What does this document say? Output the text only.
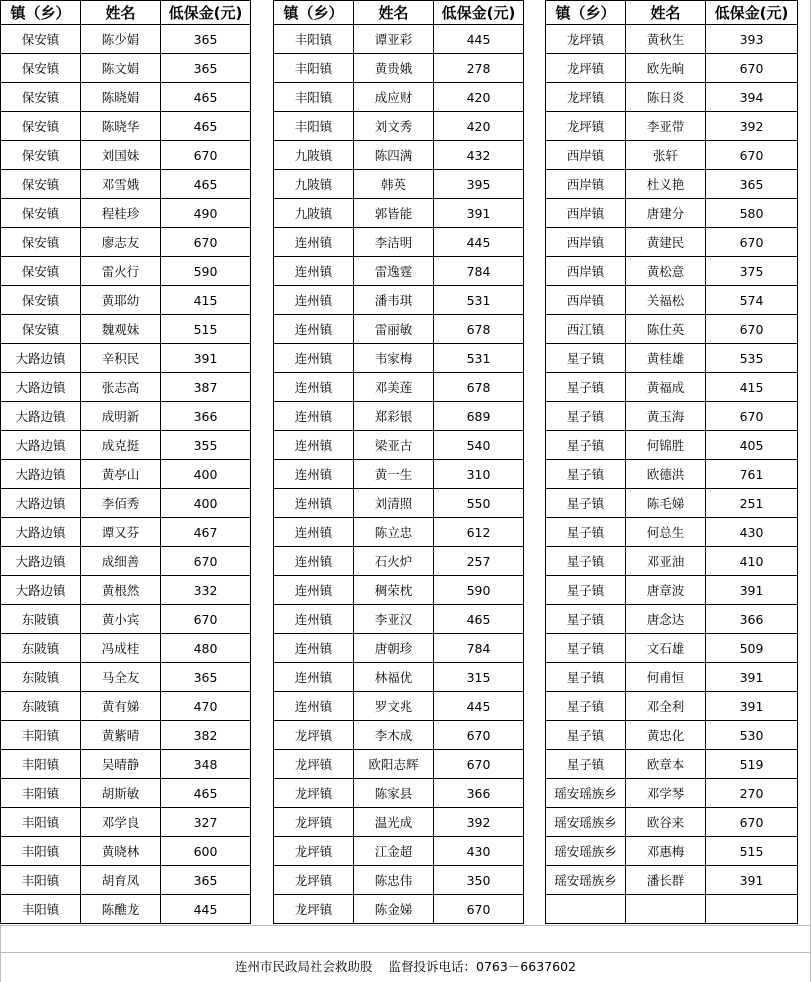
镇（乡）	姓名	低保金(元)
保安镇	陈少娟	365
保安镇	陈文娟	365
保安镇	陈晓娟	465
保安镇	陈晓华	465
保安镇	刘国妹	670
保安镇	邓雪娥	465
保安镇	程桂珍	490
保安镇	廖志友	670
保安镇	雷火行	590
保安镇	黄耶幼	415
保安镇	魏观妹	515
大路边镇	辛积民	391
大路边镇	张志高	387
大路边镇	成明新	366
大路边镇	成克挺	355
大路边镇	黄亭山	400
大路边镇	李佰秀	400
大路边镇	谭又芬	467
大路边镇	成细善	670
大路边镇	黄根然	332
东陂镇	黄小宾	670
东陂镇	冯成桂	480
东陂镇	马全友	365
东陂镇	黄有娣	470
丰阳镇	黄紫晴	382
丰阳镇	吴晴静	348
丰阳镇	胡斯敏	465
丰阳镇	邓学良	327
丰阳镇	黄晓林	600
丰阳镇	胡育凤	365
丰阳镇	陈醮龙	445
镇（乡）	姓名	低保金(元)
丰阳镇	谭亚彩	445
丰阳镇	黄贵娥	278
丰阳镇	成应财	420
丰阳镇	刘文秀	420
九陂镇	陈四满	432
九陂镇	韩英	395
九陂镇	郭皆能	391
连州镇	李洁明	445
连州镇	雷逸霆	784
连州镇	潘韦琪	531
连州镇	雷丽敏	678
连州镇	韦家梅	531
连州镇	邓美莲	678
连州镇	郑彩银	689
连州镇	梁亚古	540
连州镇	黄一生	310
连州镇	刘清照	550
连州镇	陈立忠	612
连州镇	石火炉	257
连州镇	稠荣枕	590
连州镇	李亚汉	465
连州镇	唐朝珍	784
连州镇	林福优	315
连州镇	罗文兆	445
龙坪镇	李木成	670
龙坪镇	欧阳志辉	670
龙坪镇	陈家县	366
龙坪镇	温光成	392
龙坪镇	江金超	430
龙坪镇	陈忠伟	350
龙坪镇	陈金娣	670
镇（乡）	姓名	低保金(元)
龙坪镇	黄秋生	393
龙坪镇	欧先晌	670
龙坪镇	陈日炎	394
龙坪镇	李亚带	392
西岸镇	张轩	670
西岸镇	杜义艳	365
西岸镇	唐建分	580
西岸镇	黄建民	670
西岸镇	黄松意	375
西岸镇	关福松	574
西江镇	陈仕英	670
星子镇	黄桂雄	535
星子镇	黄福成	415
星子镇	黄玉海	670
星子镇	何锦胜	405
星子镇	欧德洪	761
星子镇	陈毛娣	251
星子镇	何总生	430
星子镇	邓亚油	410
星子镇	唐章波	391
星子镇	唐念达	366
星子镇	文石雄	509
星子镇	何甫恒	391
星子镇	邓全利	391
星子镇	黄忠化	530
星子镇	欧章本	519
瑶安瑶族乡	邓学琴	270
瑶安瑶族乡	欧谷来	670
瑶安瑶族乡	邓惠梅	515
瑶安瑶族乡	潘长群	391

连州市民政局社会救助股 监督投诉电话：0763－6637602
